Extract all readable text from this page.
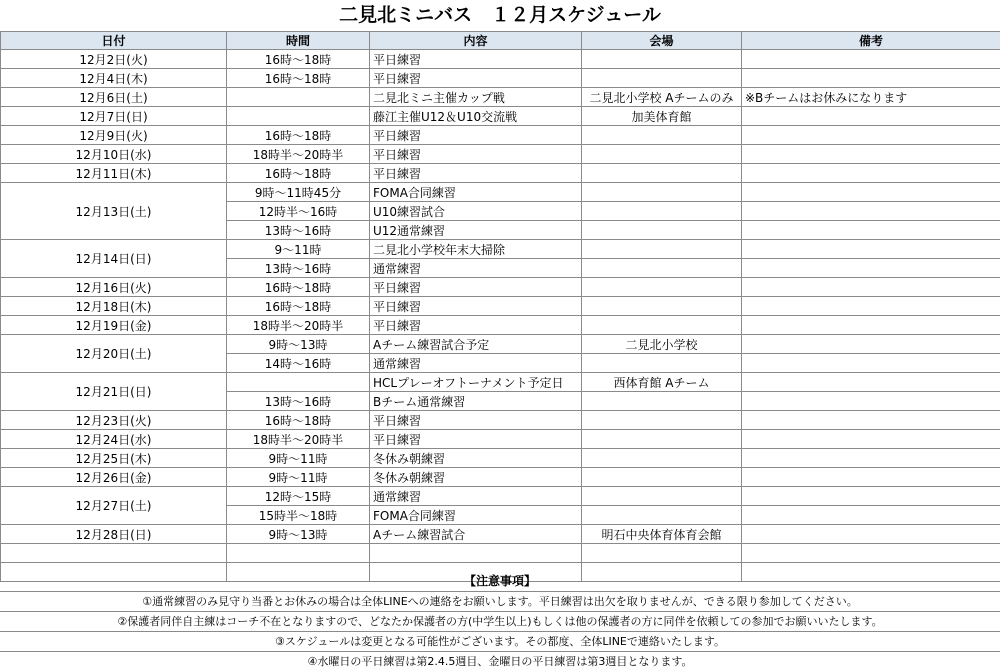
二見北ミニバス　１２月スケジュール
日付	時間	内容	会場	備考
12月2日(火)	16時～18時	平日練習		
12月4日(木)	16時～18時	平日練習		
12月6日(土)		二見北ミニ主催カップ戦	二見北小学校 Aチームのみ	※Bチームはお休みになります
12月7日(日)		藤江主催U12＆U10交流戦	加美体育館	
12月9日(火)	16時～18時	平日練習		
12月10日(水)	18時半～20時半	平日練習		
12月11日(木)	16時～18時	平日練習		
12月13日(土)	9時～11時45分	FOMA合同練習		
	12時半～16時	U10練習試合		
	13時～16時	U12通常練習		
12月14日(日)	9～11時	二見北小学校年末大掃除		
	13時～16時	通常練習		
12月16日(火)	16時～18時	平日練習		
12月18日(木)	16時～18時	平日練習		
12月19日(金)	18時半～20時半	平日練習		
12月20日(土)	9時～13時	Aチーム練習試合予定	二見北小学校	
	14時～16時	通常練習		
12月21日(日)		HCLプレーオフトーナメント予定日	西体育館 Aチーム	
	13時～16時	Bチーム通常練習		
12月23日(火)	16時～18時	平日練習		
12月24日(水)	18時半～20時半	平日練習		
12月25日(木)	9時～11時	冬休み朝練習		
12月26日(金)	9時～11時	冬休み朝練習		
12月27日(土)	12時～15時	通常練習		
	15時半～18時	FOMA合同練習		
12月28日(日)	9時～13時	Aチーム練習試合	明石中央体育体育会館	

【注意事項】
①通常練習のみ見守り当番とお休みの場合は全体LINEへの連絡をお願いします。平日練習は出欠を取りませんが、できる限り参加してください。
②保護者同伴自主練はコーチ不在となりますので、どなたか保護者の方(中学生以上)もしくは他の保護者の方に同伴を依頼しての参加でお願いいたします。
③スケジュールは変更となる可能性がございます。その都度、全体LINEで連絡いたします。
④水曜日の平日練習は第2.4.5週目、金曜日の平日練習は第3週目となります。
